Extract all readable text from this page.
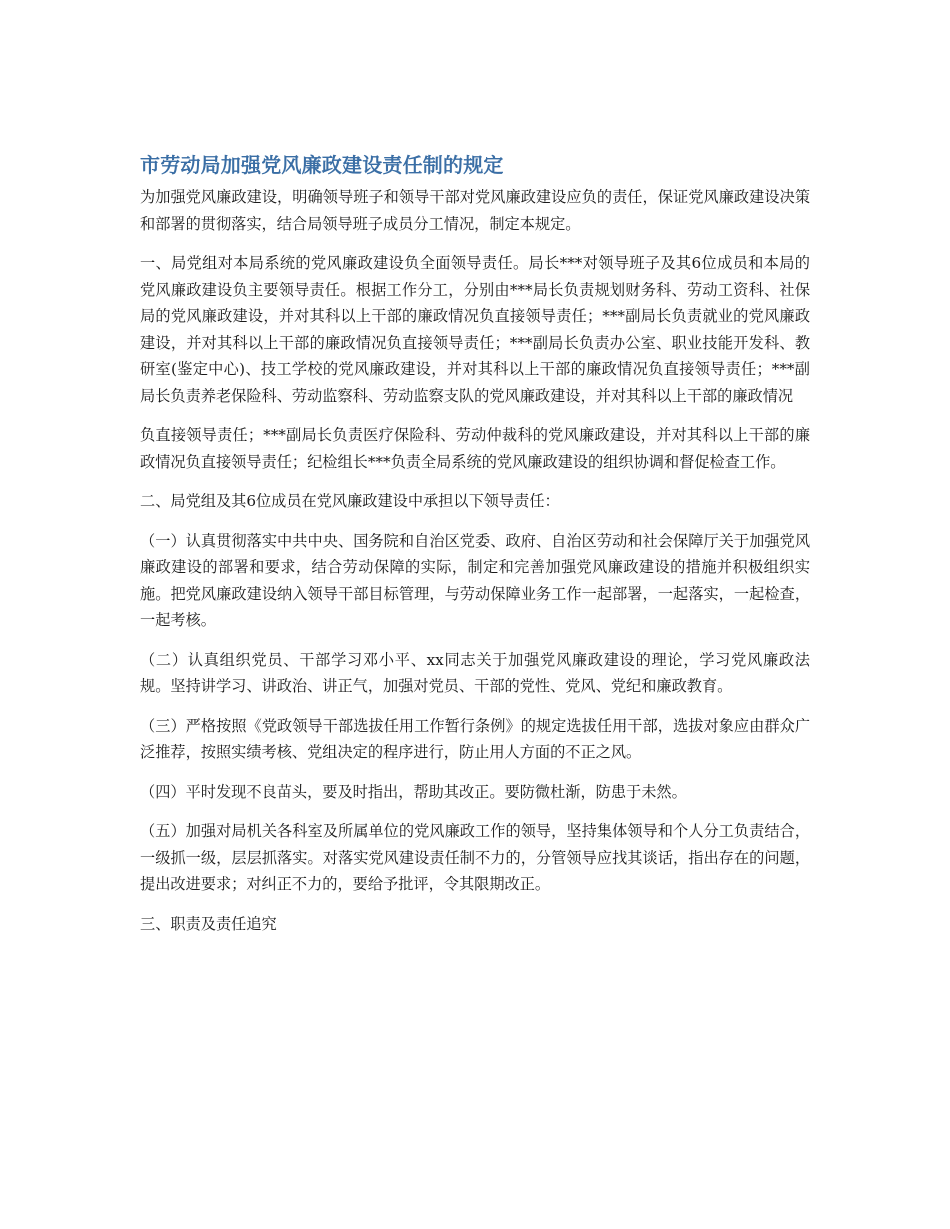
市劳动局加强党风廉政建设责任制的规定

为加强党风廉政建设，明确领导班子和领导干部对党风廉政建设应负的责任，保证党风廉政建设决策和部署的贯彻落实，结合局领导班子成员分工情况，制定本规定。

一、局党组对本局系统的党风廉政建设负全面领导责任。局长***对领导班子及其6位成员和本局的党风廉政建设负主要领导责任。根据工作分工，分别由***局长负责规划财务科、劳动工资科、社保局的党风廉政建设，并对其科以上干部的廉政情况负直接领导责任；***副局长负责就业的党风廉政建设，并对其科以上干部的廉政情况负直接领导责任；***副局长负责办公室、职业技能开发科、教研室(鉴定中心)、技工学校的党风廉政建设，并对其科以上干部的廉政情况负直接领导责任；***副局长负责养老保险科、劳动监察科、劳动监察支队的党风廉政建设，并对其科以上干部的廉政情况

负直接领导责任；***副局长负责医疗保险科、劳动仲裁科的党风廉政建设，并对其科以上干部的廉政情况负直接领导责任；纪检组长***负责全局系统的党风廉政建设的组织协调和督促检查工作。

二、局党组及其6位成员在党风廉政建设中承担以下领导责任：

（一）认真贯彻落实中共中央、国务院和自治区党委、政府、自治区劳动和社会保障厅关于加强党风廉政建设的部署和要求，结合劳动保障的实际，制定和完善加强党风廉政建设的措施并积极组织实施。把党风廉政建设纳入领导干部目标管理，与劳动保障业务工作一起部署，一起落实，一起检查，一起考核。

（二）认真组织党员、干部学习邓小平、xx同志关于加强党风廉政建设的理论，学习党风廉政法规。坚持讲学习、讲政治、讲正气，加强对党员、干部的党性、党风、党纪和廉政教育。

（三）严格按照《党政领导干部选拔任用工作暂行条例》的规定选拔任用干部，选拔对象应由群众广泛推荐，按照实绩考核、党组决定的程序进行，防止用人方面的不正之风。

（四）平时发现不良苗头，要及时指出，帮助其改正。要防微杜渐，防患于未然。

（五）加强对局机关各科室及所属单位的党风廉政工作的领导，坚持集体领导和个人分工负责结合，一级抓一级，层层抓落实。对落实党风建设责任制不力的，分管领导应找其谈话，指出存在的问题，提出改进要求；对纠正不力的，要给予批评，令其限期改正。

三、职责及责任追究
